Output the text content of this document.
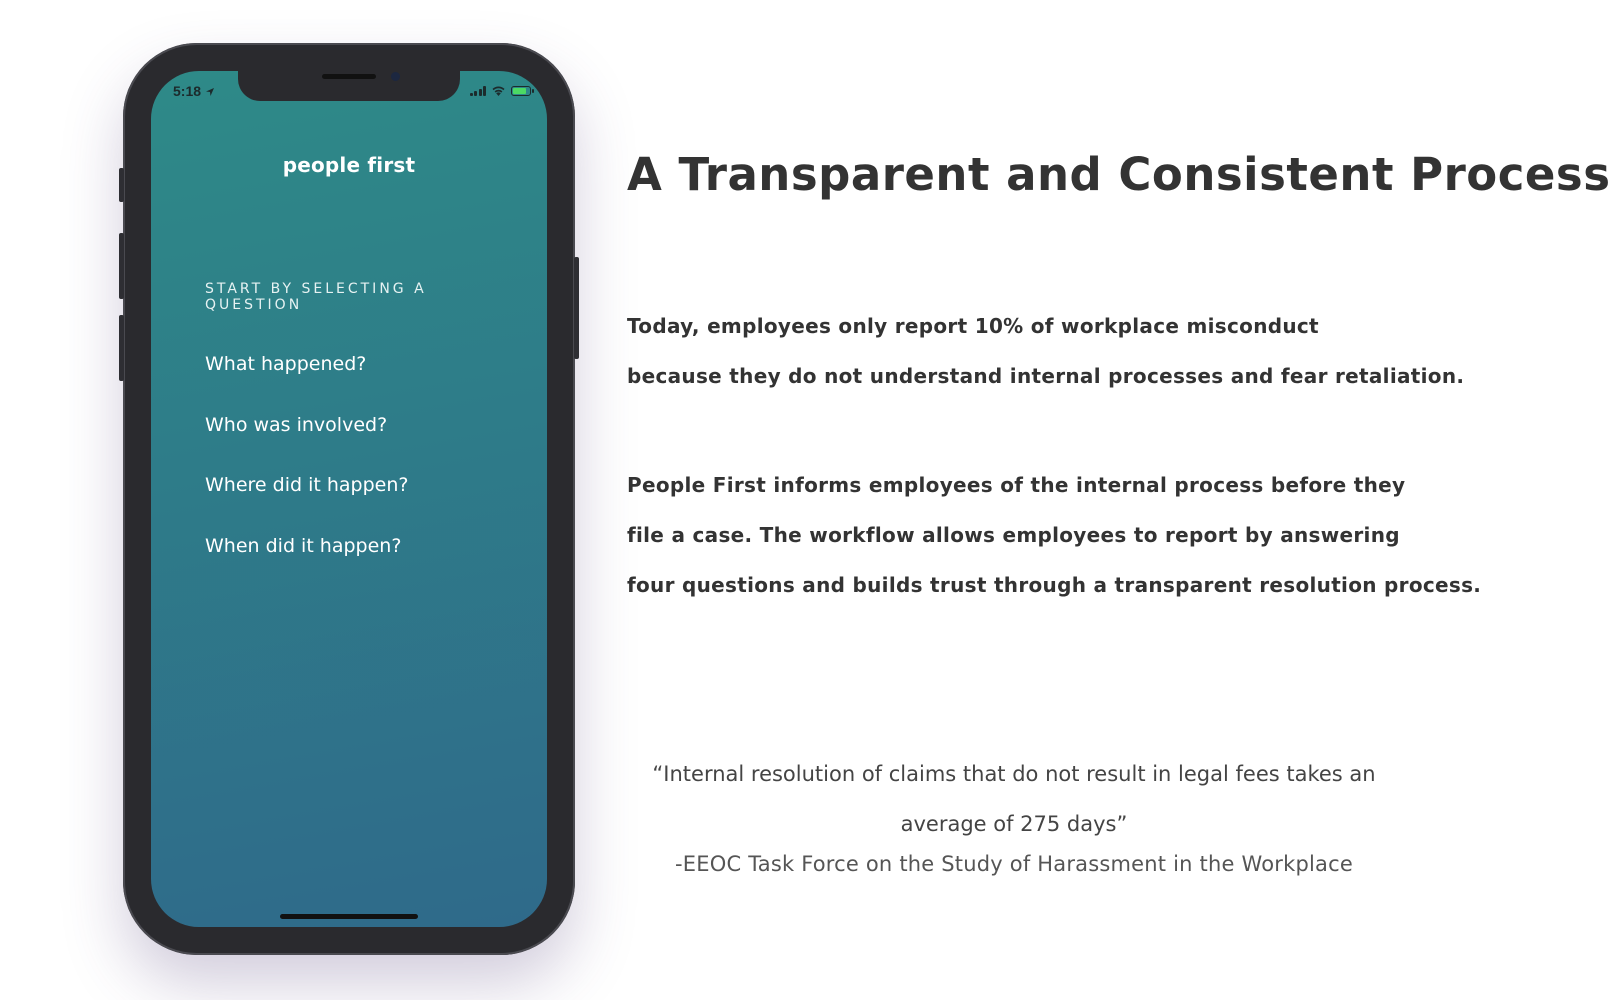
5:18
people first
START BY SELECTING A QUESTION
What happened?
Who was involved?
Where did it happen?
When did it happen?
A Transparent and Consistent Process

Today, employees only report 10% of workplace misconduct
because they do not understand internal processes and fear retaliation.

People First informs employees of the internal process before they
file a case. The workflow allows employees to report by answering
four questions and builds trust through a transparent resolution process.

“Internal resolution of claims that do not result in legal fees takes an
average of 275 days”
-EEOC Task Force on the Study of Harassment in the Workplace
